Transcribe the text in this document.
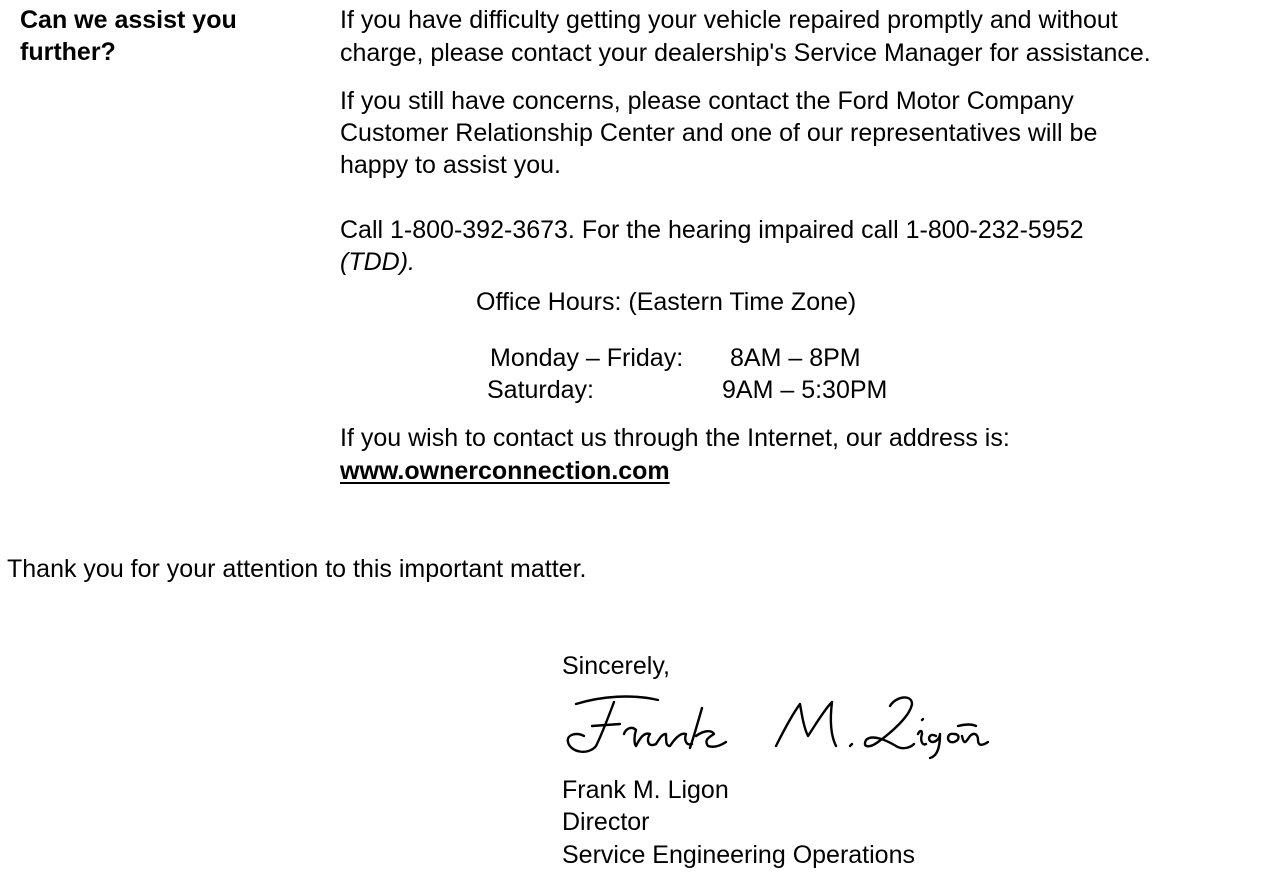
Can we assist you
further?
If you have difficulty getting your vehicle repaired promptly and without
charge, please contact your dealership's Service Manager for assistance.
If you still have concerns, please contact the Ford Motor Company
Customer Relationship Center and one of our representatives will be
happy to assist you.
Call 1-800-392-3673. For the hearing impaired call 1-800-232-5952
(TDD).
Office Hours: (Eastern Time Zone)
Monday – Friday: 8AM – 8PM
Saturday:	9AM – 5:30PM
If you wish to contact us through the Internet, our address is:
www.ownerconnection.com
Thank you for your attention to this important matter.
Sincerely,
Frank M. Ligon
Director
Service Engineering Operations
